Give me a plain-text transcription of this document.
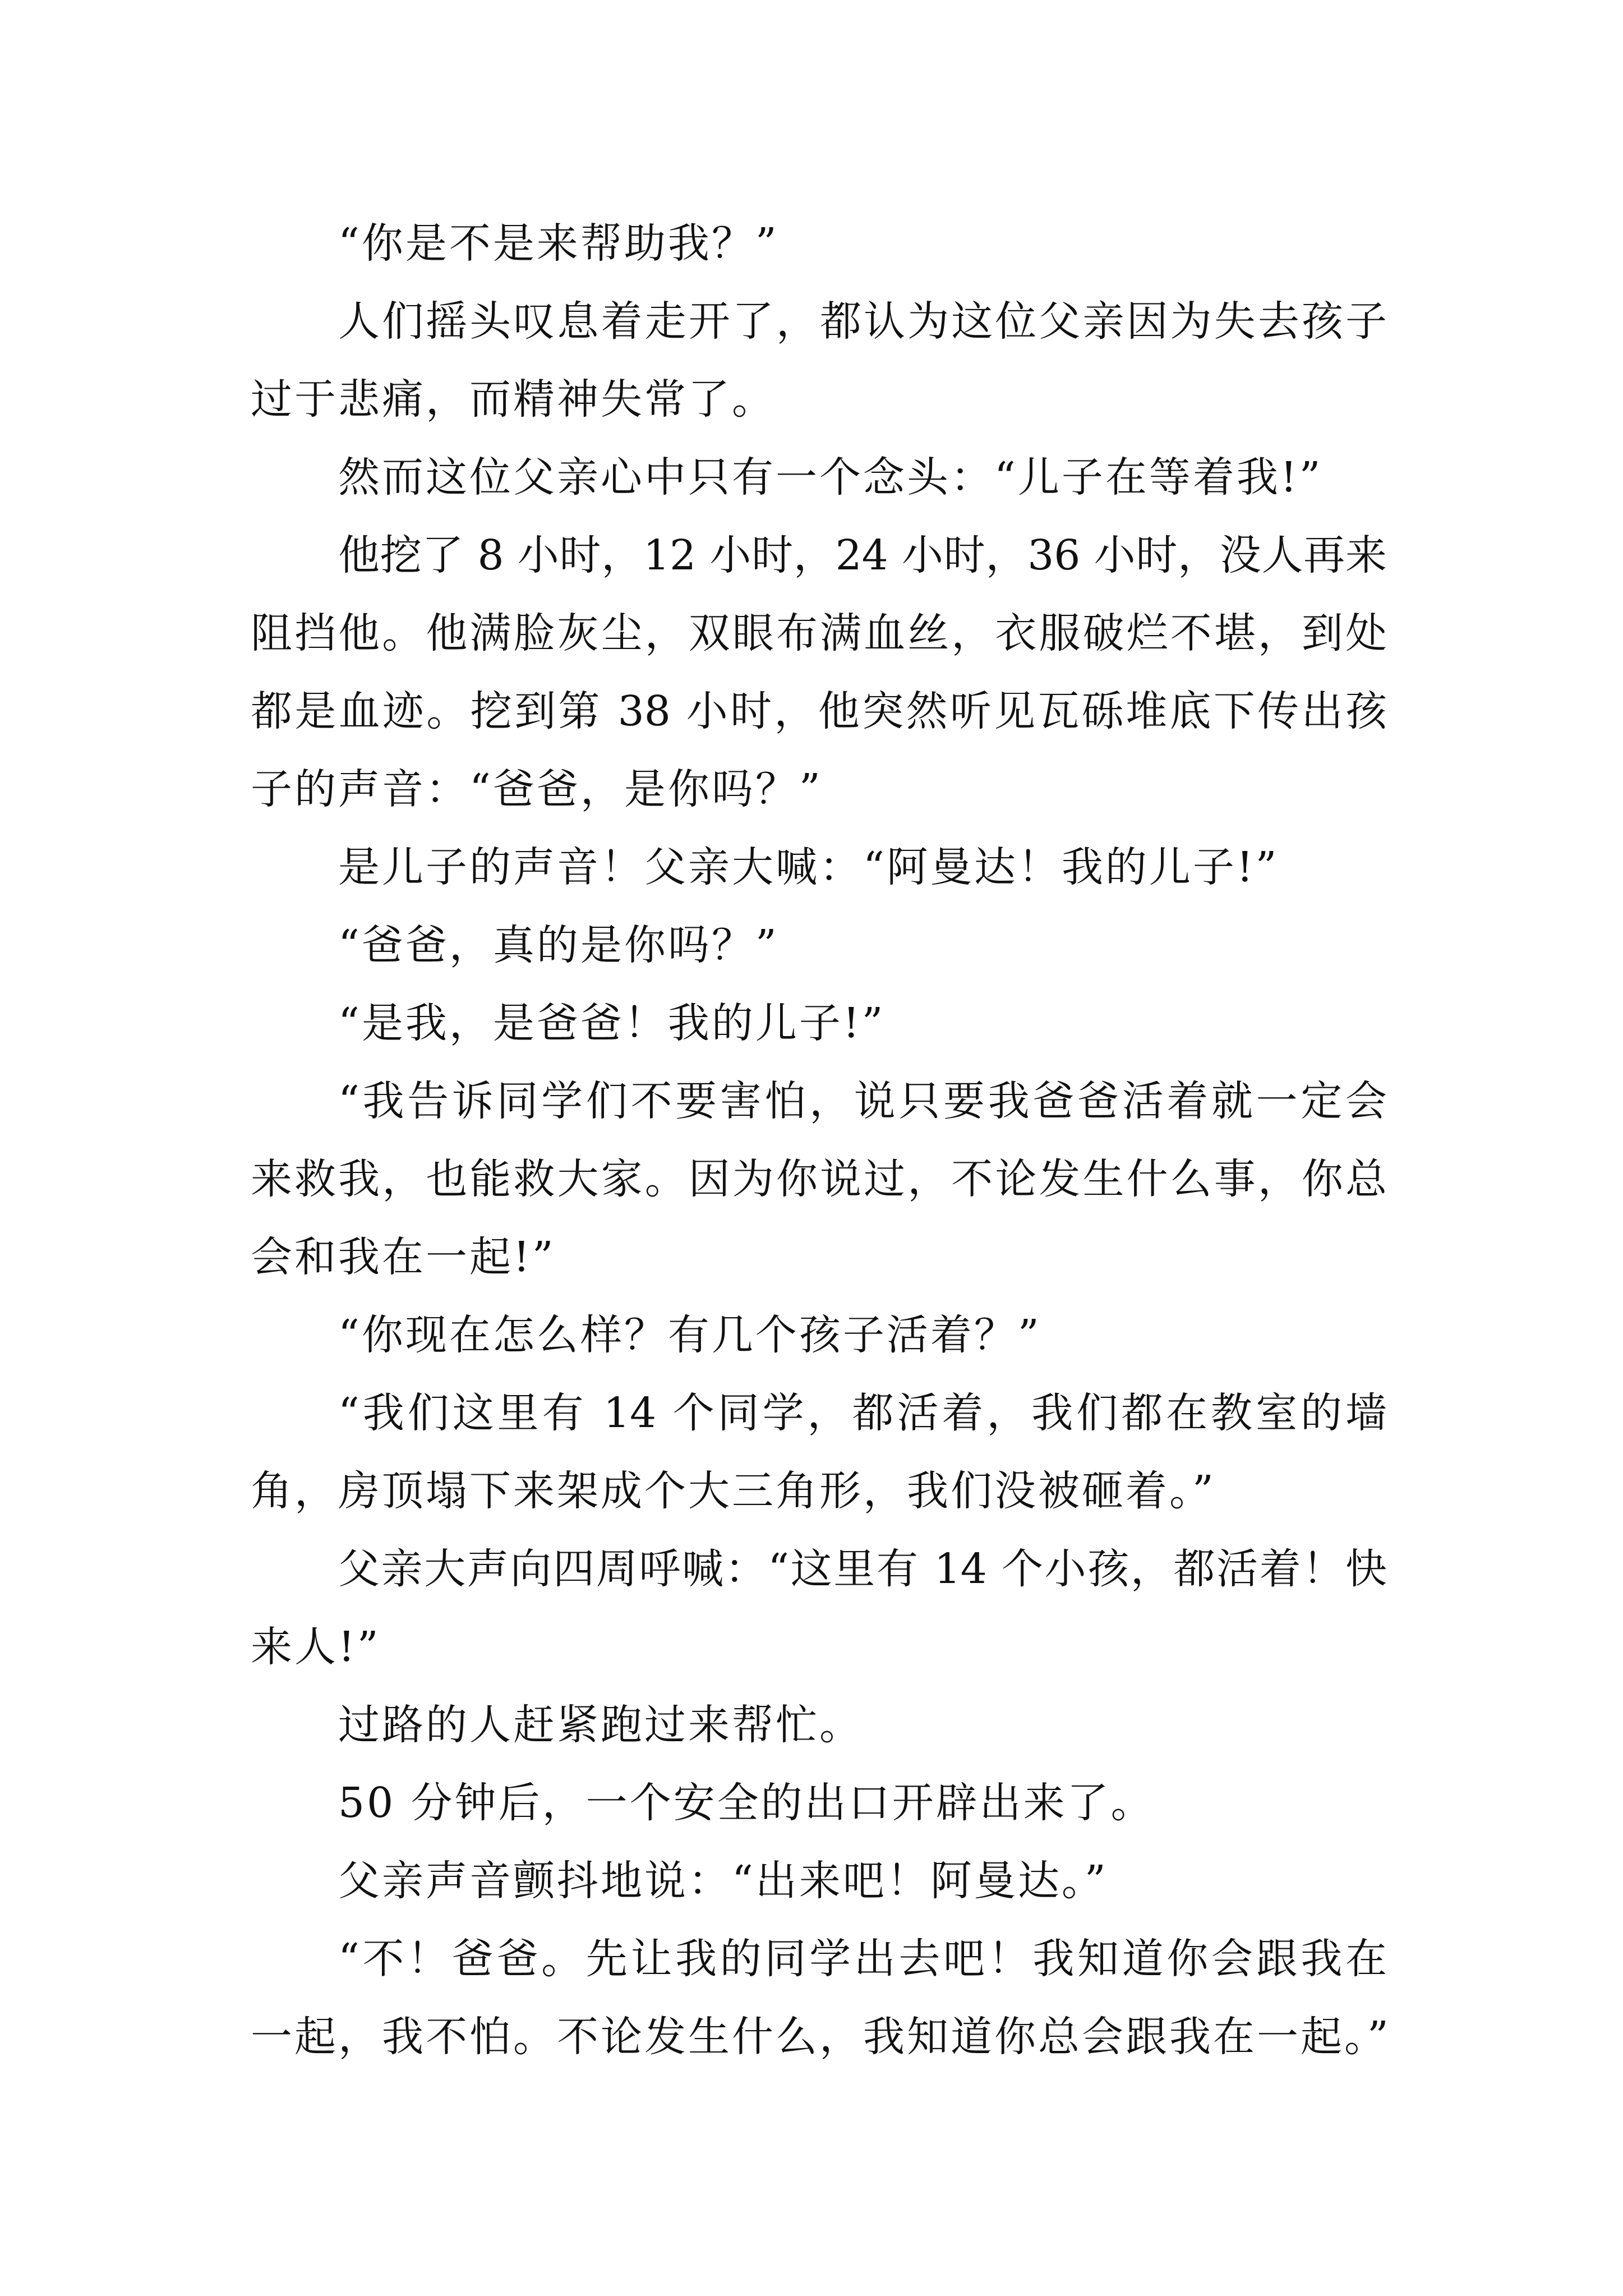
“你是不是来帮助我？”
人们摇头叹息着走开了，都认为这位父亲因为失去孩子
过于悲痛，而精神失常了。
然而这位父亲心中只有一个念头：“儿子在等着我!”
他挖了 8 小时，12 小时，24 小时，36 小时，没人再来
阻挡他。他满脸灰尘，双眼布满血丝，衣服破烂不堪，到处
都是血迹。挖到第 38 小时，他突然听见瓦砾堆底下传出孩
子的声音：“爸爸，是你吗？”
是儿子的声音！父亲大喊：“阿曼达！我的儿子!”
“爸爸，真的是你吗？”
“是我，是爸爸！我的儿子!”
“我告诉同学们不要害怕，说只要我爸爸活着就一定会
来救我，也能救大家。因为你说过，不论发生什么事，你总
会和我在一起!”
“你现在怎么样？有几个孩子活着？”
“我们这里有 14 个同学，都活着，我们都在教室的墙
角，房顶塌下来架成个大三角形，我们没被砸着。”
父亲大声向四周呼喊：“这里有 14 个小孩，都活着！快
来人!”
过路的人赶紧跑过来帮忙。
50 分钟后，一个安全的出口开辟出来了。
父亲声音颤抖地说：“出来吧！阿曼达。”
“不！爸爸。先让我的同学出去吧！我知道你会跟我在
一起，我不怕。不论发生什么，我知道你总会跟我在一起。”
